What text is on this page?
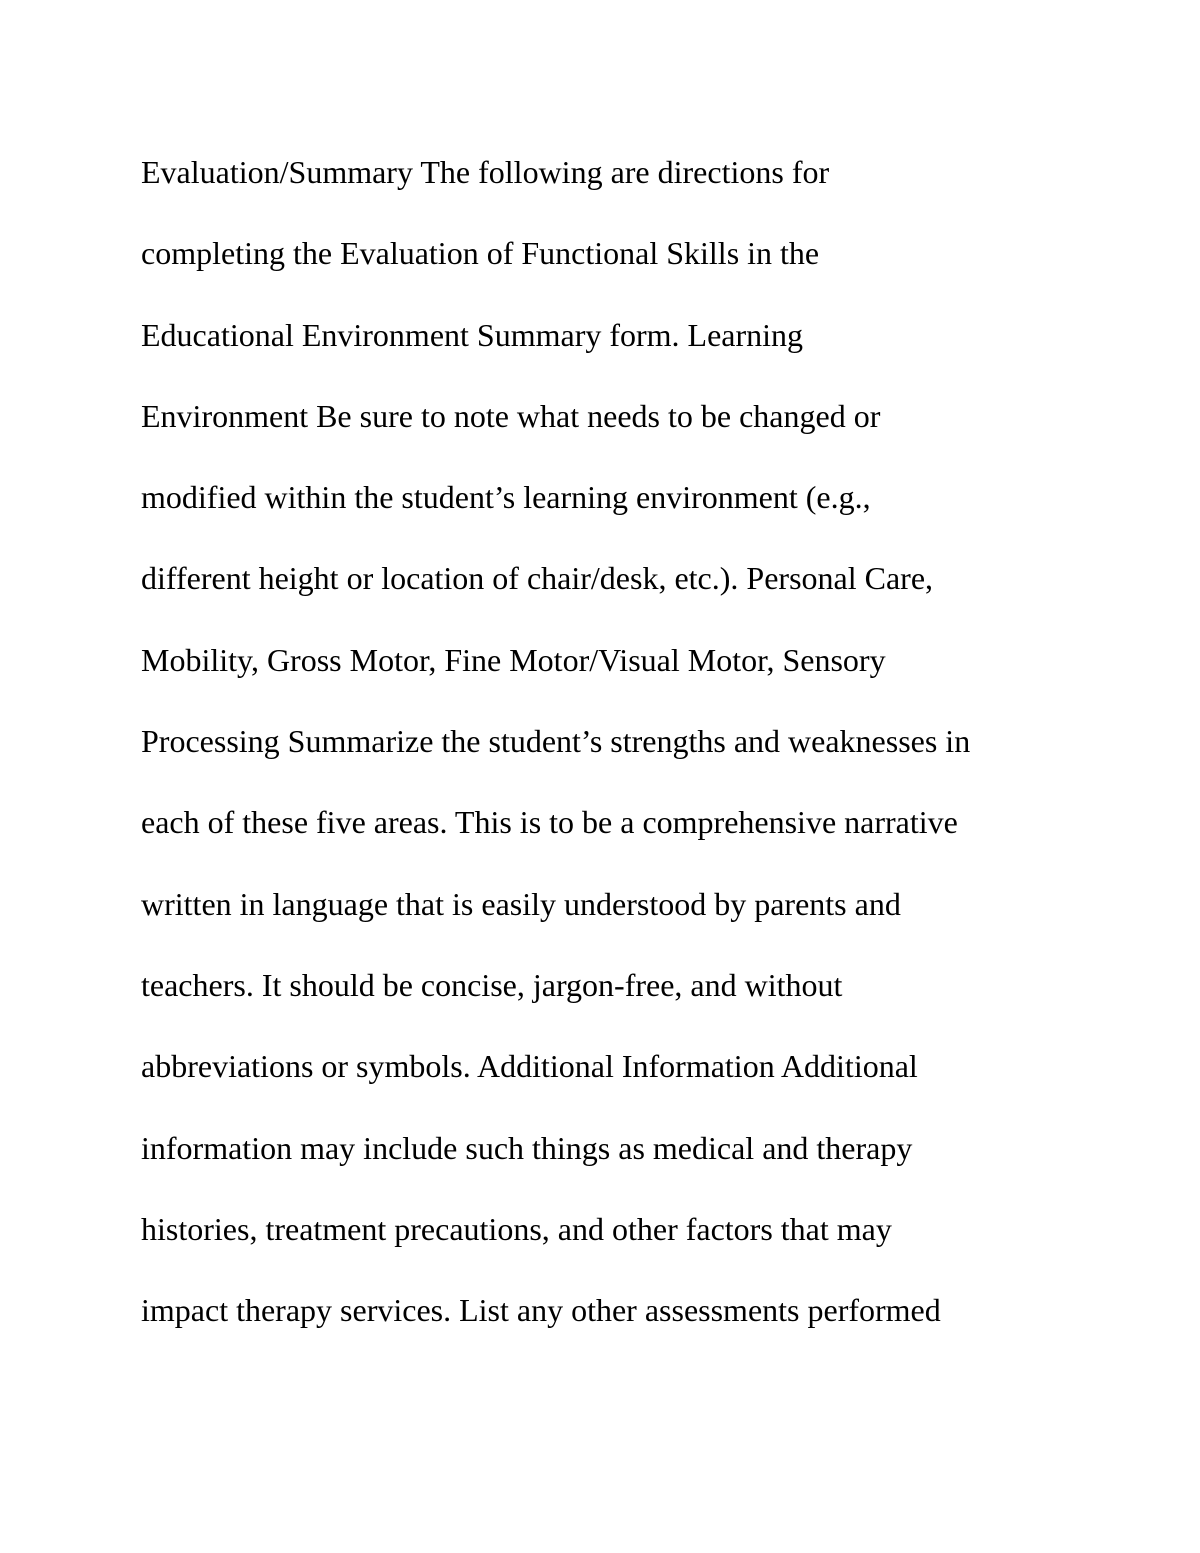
Evaluation/Summary The following are directions for
completing the Evaluation of Functional Skills in the
Educational Environment Summary form. Learning
Environment Be sure to note what needs to be changed or
modified within the student’s learning environment (e.g.,
different height or location of chair/desk, etc.). Personal Care,
Mobility, Gross Motor, Fine Motor/Visual Motor, Sensory
Processing Summarize the student’s strengths and weaknesses in
each of these five areas. This is to be a comprehensive narrative
written in language that is easily understood by parents and
teachers. It should be concise, jargon-free, and without
abbreviations or symbols. Additional Information Additional
information may include such things as medical and therapy
histories, treatment precautions, and other factors that may
impact therapy services. List any other assessments performed
